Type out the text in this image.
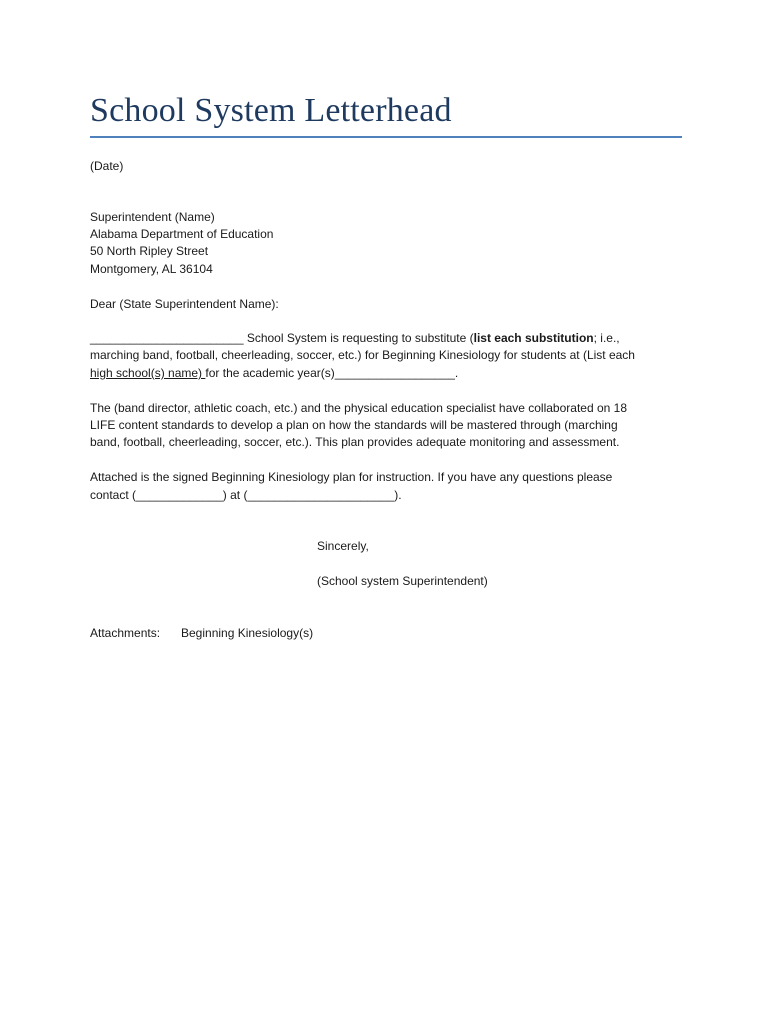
School System Letterhead
(Date)
Superintendent (Name)
Alabama Department of Education
50 North Ripley Street
Montgomery, AL 36104
Dear (State Superintendent Name):
_______________________ School System is requesting to substitute (list each substitution; i.e.,
marching band, football, cheerleading, soccer, etc.) for Beginning Kinesiology for students at (List each
high school(s) name) for the academic year(s)__________________.
The (band director, athletic coach, etc.) and the physical education specialist have collaborated on 18
LIFE content standards to develop a plan on how the standards will be mastered through (marching
band, football, cheerleading, soccer, etc.). This plan provides adequate monitoring and assessment.
Attached is the signed Beginning Kinesiology plan for instruction. If you have any questions please
contact (_____________) at (______________________).
Sincerely,
(School system Superintendent)
Attachments: Beginning Kinesiology(s)
